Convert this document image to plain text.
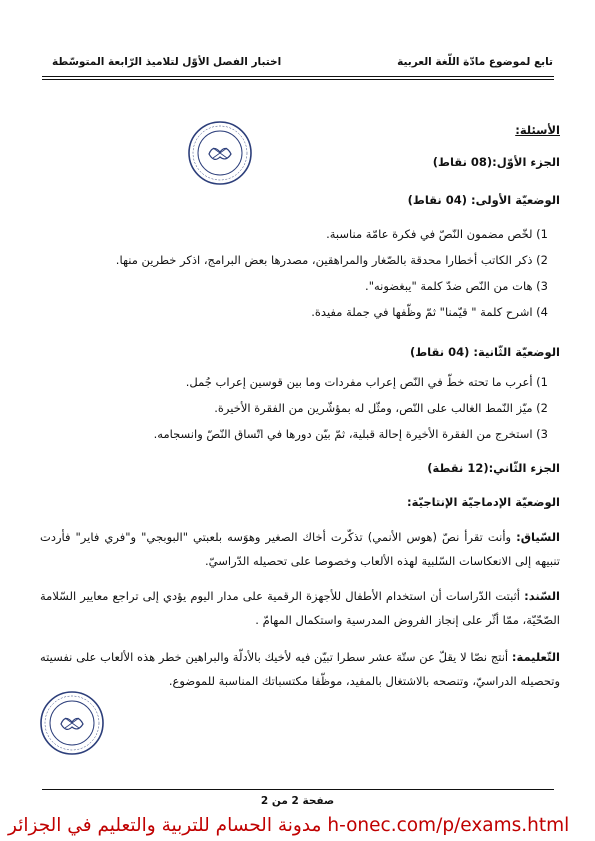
تابع لموضوع مادّة اللّغة العربية
اختبار الفصل الأوّل لتلاميذ الرّابعة المتوسّطة
الأسئلة:
الجزء الأوّل:(08 نقاط)
الوضعيّة الأولى: (04 نقاط)
1) لخّص مضمون النّصّ في فكرة عامّة مناسبة.
2) ذكر الكاتب أخطارا محدقة بالصّغار والمراهقين، مصدرها بعض البرامج، اذكر خطرين منها.
3) هات من النّص ضدّ كلمة "يبغضونه".
4) اشرح كلمة " قيّمنا" ثمّ وظّفها في جملة مفيدة.
الوضعيّة الثّانية: (04 نقاط)
1) أعرب ما تحته خطّ في النّص إعراب مفردات وما بين قوسين إعراب جُمل.
2) ميّز النّمط الغالب على النّص، ومثّل له بمؤشّرين من الفقرة الأخيرة.
3) استخرج من الفقرة الأخيرة إحالة قبلية، ثمّ بيّن دورها في اتّساق النّصّ وانسجامه.
الجزء الثّاني:(12 نقطة)
الوضعيّة الإدماجيّة الإنتاجيّة:
السّياق: وأنت تقرأ نصّ (هوس الأنمي) تذكّرت أخاك الصغير وهوَسه بلعبتي "البوبجي" و"فري فاير" فأردت تنبيهه إلى الانعكاسات السّلبية لهذه الألعاب وخصوصا على تحصيله الدّراسيّ.
السّند: أثبتت الدّراسات أن استخدام الأطفال للأجهزة الرقمية على مدار اليوم يؤدي إلى تراجع معايير السّلامة الصّحّيّة، ممّا أثّر على إنجاز الفروض المدرسية واستكمال المهامّ .
التّعليمة: أنتج نصّا لا يقلّ عن ستّة عشر سطرا تبيّن فيه لأخيك بالأدلّة والبراهين خطر هذه الألعاب على نفسيته وتحصيله الدراسيّ، وتنصحه بالاشتغال بالمفيد، موظّفا مكتسباتك المناسبة للموضوع.
صفحة 2 من 2
مدونة الحسام للتربية والتعليم في الجزائر h-onec.com/p/exams.html
